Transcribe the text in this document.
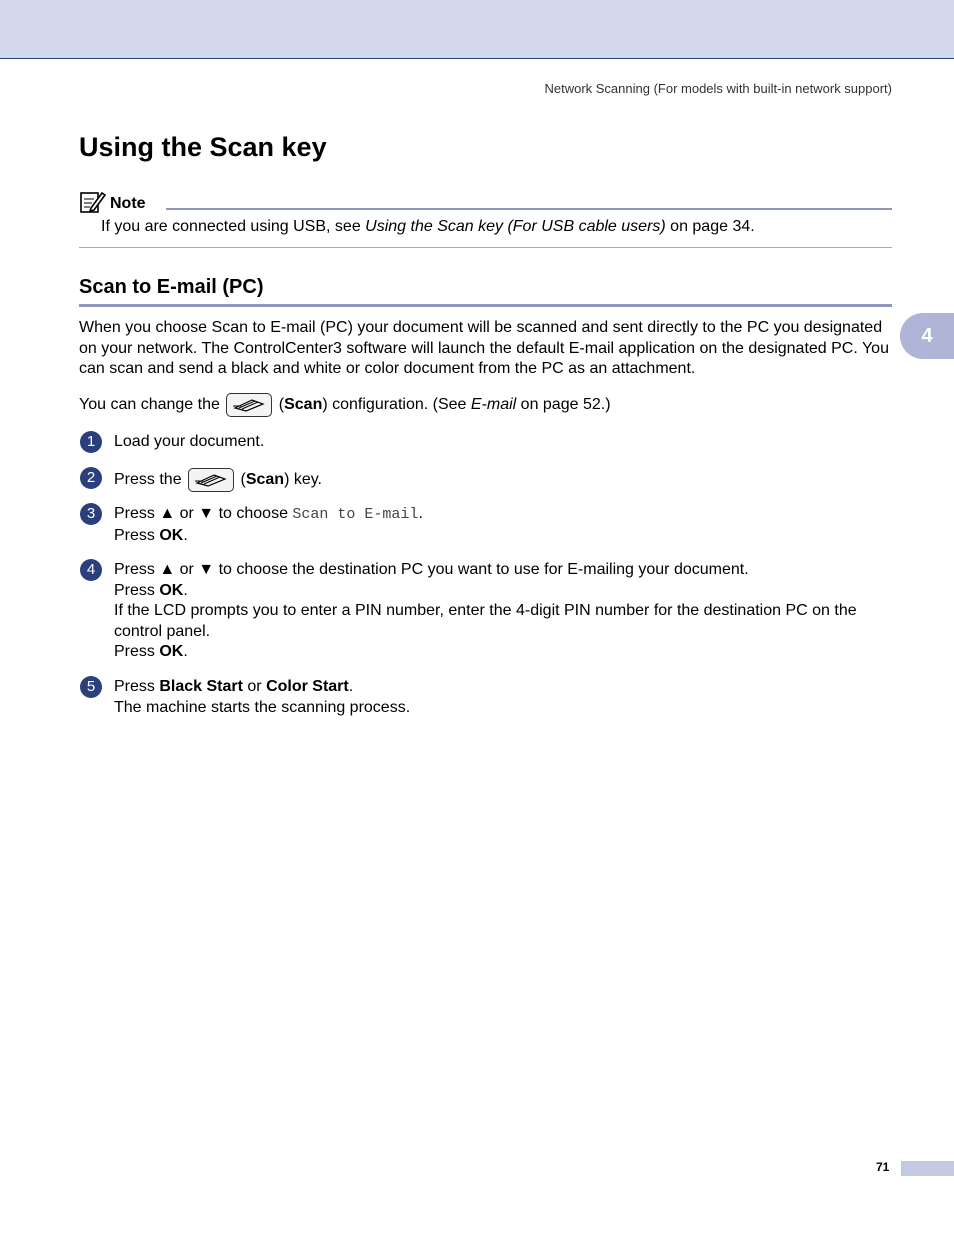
Network Scanning (For models with built-in network support)
Using the Scan key
Note
If you are connected using USB, see Using the Scan key (For USB cable users) on page 34.
Scan to E-mail (PC)
4
When you choose Scan to E-mail (PC) your document will be scanned and sent directly to the PC you designated on your network. The ControlCenter3 software will launch the default E-mail application on the designated PC. You can scan and send a black and white or color document from the PC as an attachment.
You can change the	(Scan) configuration. (See E-mail on page 52.)
1	Load your document.
2	Press the	(Scan) key.
3	Press ▲ or ▼ to choose Scan to E-mail.
Press OK.
4	Press ▲ or ▼ to choose the destination PC you want to use for E-mailing your document.
Press OK.
If the LCD prompts you to enter a PIN number, enter the 4-digit PIN number for the destination PC on the control panel.
Press OK.
5	Press Black Start or Color Start.
The machine starts the scanning process.
71
